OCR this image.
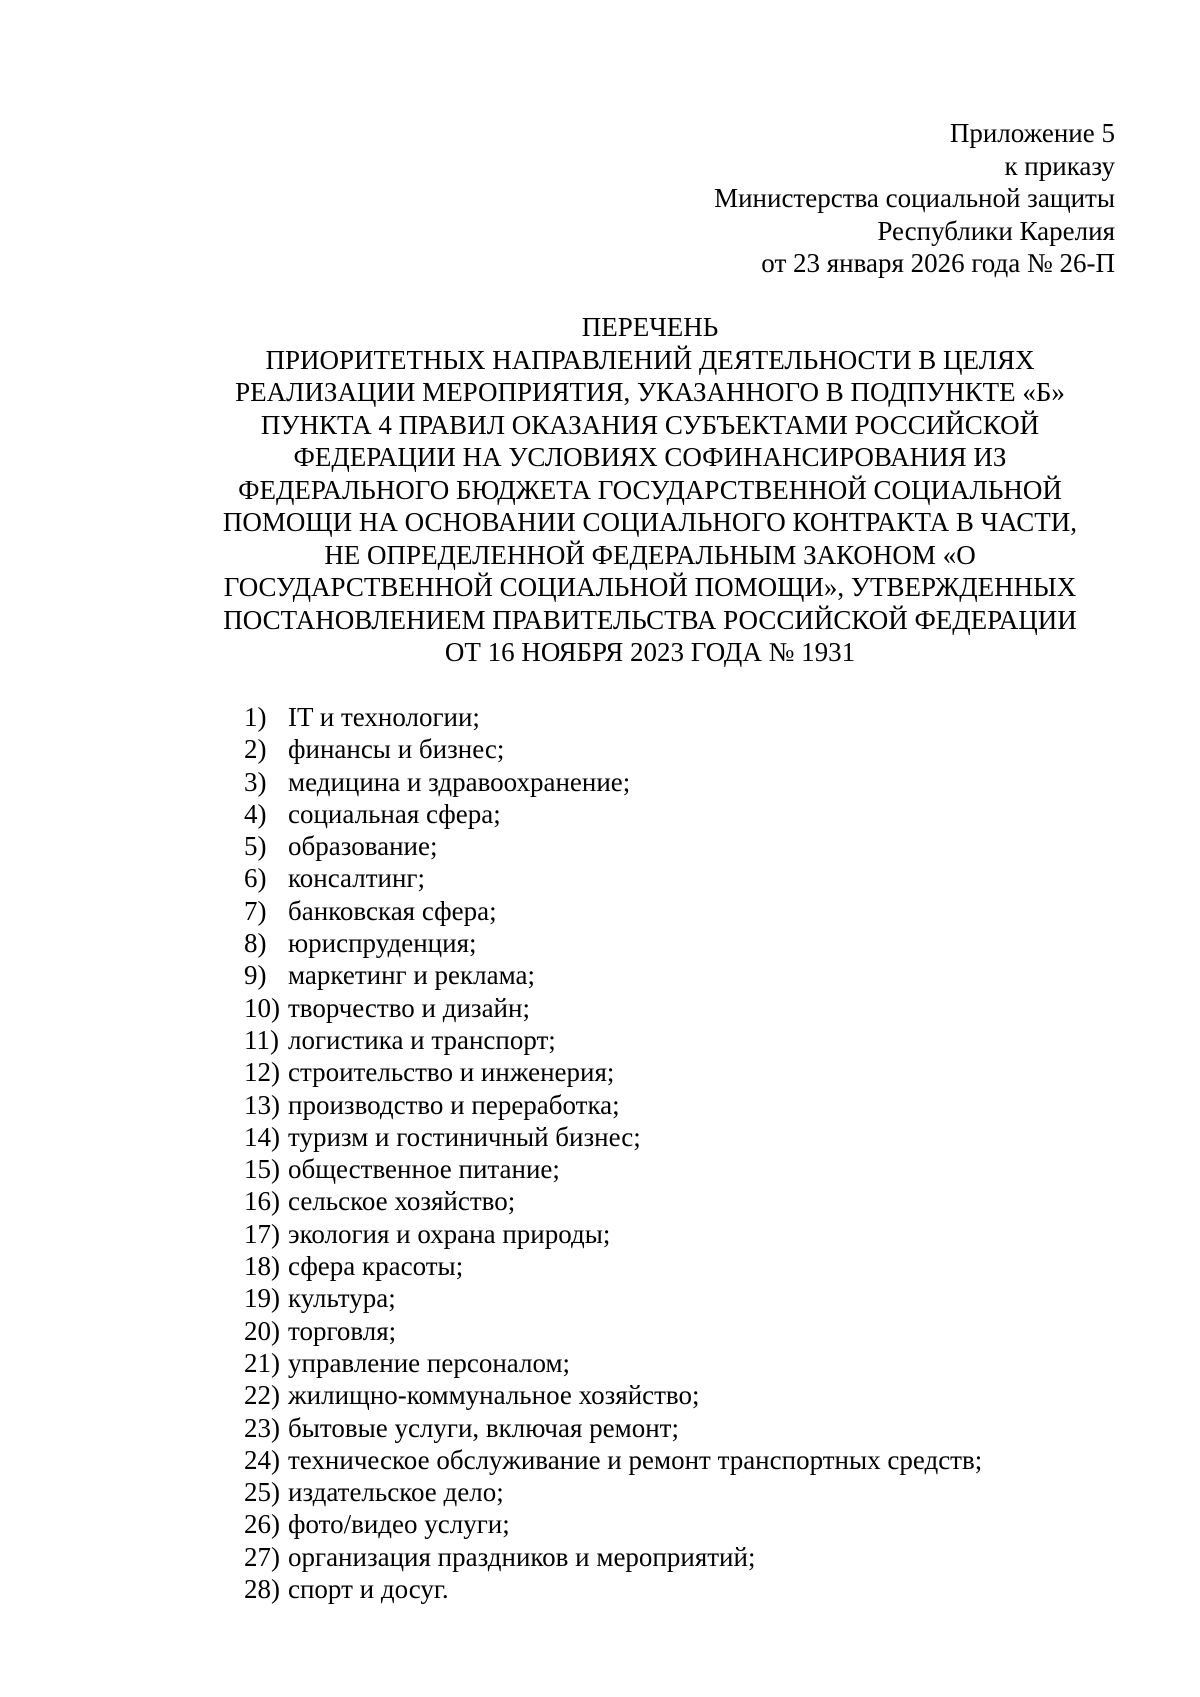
Приложение 5
к приказу
Министерства социальной защиты
Республики Карелия
от 23 января 2026 года № 26-П
ПЕРЕЧЕНЬ
ПРИОРИТЕТНЫХ НАПРАВЛЕНИЙ ДЕЯТЕЛЬНОСТИ В ЦЕЛЯХ
РЕАЛИЗАЦИИ МЕРОПРИЯТИЯ, УКАЗАННОГО В ПОДПУНКТЕ «Б»
ПУНКТА 4 ПРАВИЛ ОКАЗАНИЯ СУБЪЕКТАМИ РОССИЙСКОЙ
ФЕДЕРАЦИИ НА УСЛОВИЯХ СОФИНАНСИРОВАНИЯ ИЗ
ФЕДЕРАЛЬНОГО БЮДЖЕТА ГОСУДАРСТВЕННОЙ СОЦИАЛЬНОЙ
ПОМОЩИ НА ОСНОВАНИИ СОЦИАЛЬНОГО КОНТРАКТА В ЧАСТИ,
НЕ ОПРЕДЕЛЕННОЙ ФЕДЕРАЛЬНЫМ ЗАКОНОМ «О
ГОСУДАРСТВЕННОЙ СОЦИАЛЬНОЙ ПОМОЩИ», УТВЕРЖДЕННЫХ
ПОСТАНОВЛЕНИЕМ ПРАВИТЕЛЬСТВА РОССИЙСКОЙ ФЕДЕРАЦИИ
ОТ 16 НОЯБРЯ 2023 ГОДА № 1931
1) IT и технологии;
2) финансы и бизнес;
3) медицина и здравоохранение;
4) социальная сфера;
5) образование;
6) консалтинг;
7) банковская сфера;
8) юриспруденция;
9) маркетинг и реклама;
10) творчество и дизайн;
11) логистика и транспорт;
12) строительство и инженерия;
13) производство и переработка;
14) туризм и гостиничный бизнес;
15) общественное питание;
16) сельское хозяйство;
17) экология и охрана природы;
18) сфера красоты;
19) культура;
20) торговля;
21) управление персоналом;
22) жилищно-коммунальное хозяйство;
23) бытовые услуги, включая ремонт;
24) техническое обслуживание и ремонт транспортных средств;
25) издательское дело;
26) фото/видео услуги;
27) организация праздников и мероприятий;
28) спорт и досуг.
